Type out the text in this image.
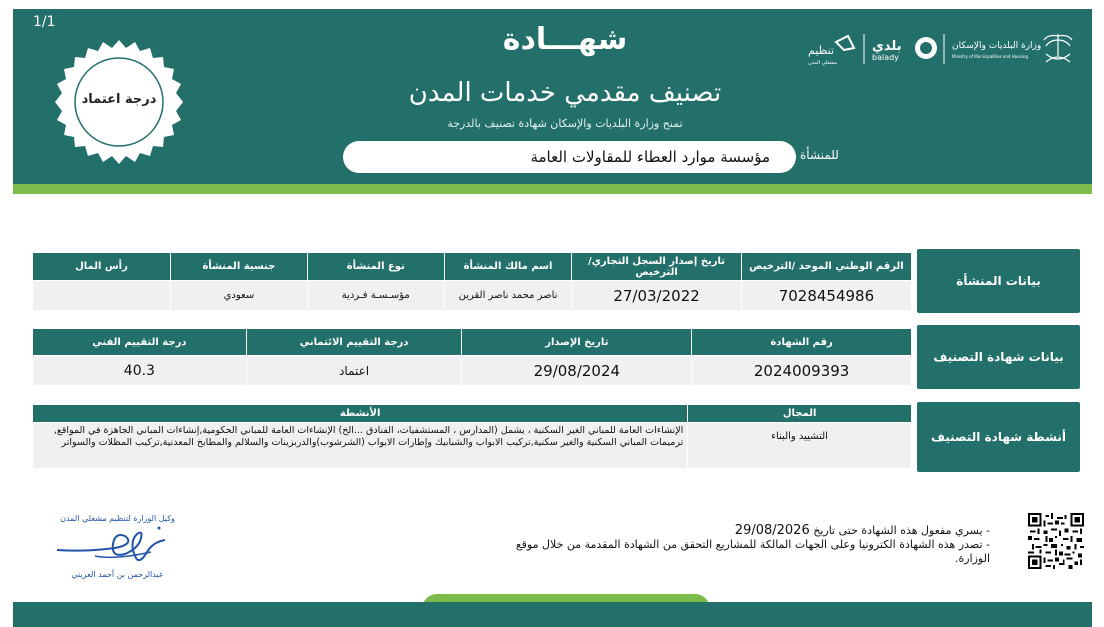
1/1
درجة اعتماد
شهـــادة
تصنيف مقدمي خدمات المدن
تمنح وزارة البلديات والإسكان شهادة تصنيف بالدرجة
مؤسسة موارد العطاء للمقاولات العامة	للمنشأة
تنظيم
مشغلي المدن
بلدي
balady
وزارة البلديات والإسكان
Ministry of Municipalities and Housing
بيانات المنشأة
الرقم الوطني الموحد /الترخيص	تاريخ إصدار السجل التجاري/ الترخيص	اسم مالك المنشأة	نوع المنشأة	جنسية المنشأة	رأس المال
7028454986	27/03/2022	ناصر محمد ناصر القرين	مؤسـسـة فـردية	سعودي	
بيانات شهادة التصنيف
رقم الشهادة	تاريخ الإصدار	درجة التقييم الائتماني	درجة التقييم الفني
2024009393	29/08/2024	اعتماد	40.3
أنشطة شهادة التصنيف
المجال	الأنشطة
التشييد والبناء	الإنشاءات العامة للمباني الغير السكنية ، يشمل (المدارس ، المستشفيات، الفنادق ...الخ) الإنشاءات العامة للمباني الحكومية,إنشاءات المباني الجاهزة في المواقع, ترميمات المباني السكنية والغير سكنية,تركيب الابواب والشبابيك وإطارات الابواب (الشرشوب)والدربزينات والسلالم والمطابخ المعدنية,تركيب المظلات والسواتر
- يسري مفعول هذه الشهادة حتى تاريخ 29/08/2026
- تصدر هذه الشهادة الكترونيا وعلى الجهات المالكة للمشاريع التحقق من الشهادة المقدمة من خلال موقع الوزارة.
وكيل الوزارة لتنظيم مشغلي المدن
عبدالرحمن بن أحمد العريني
